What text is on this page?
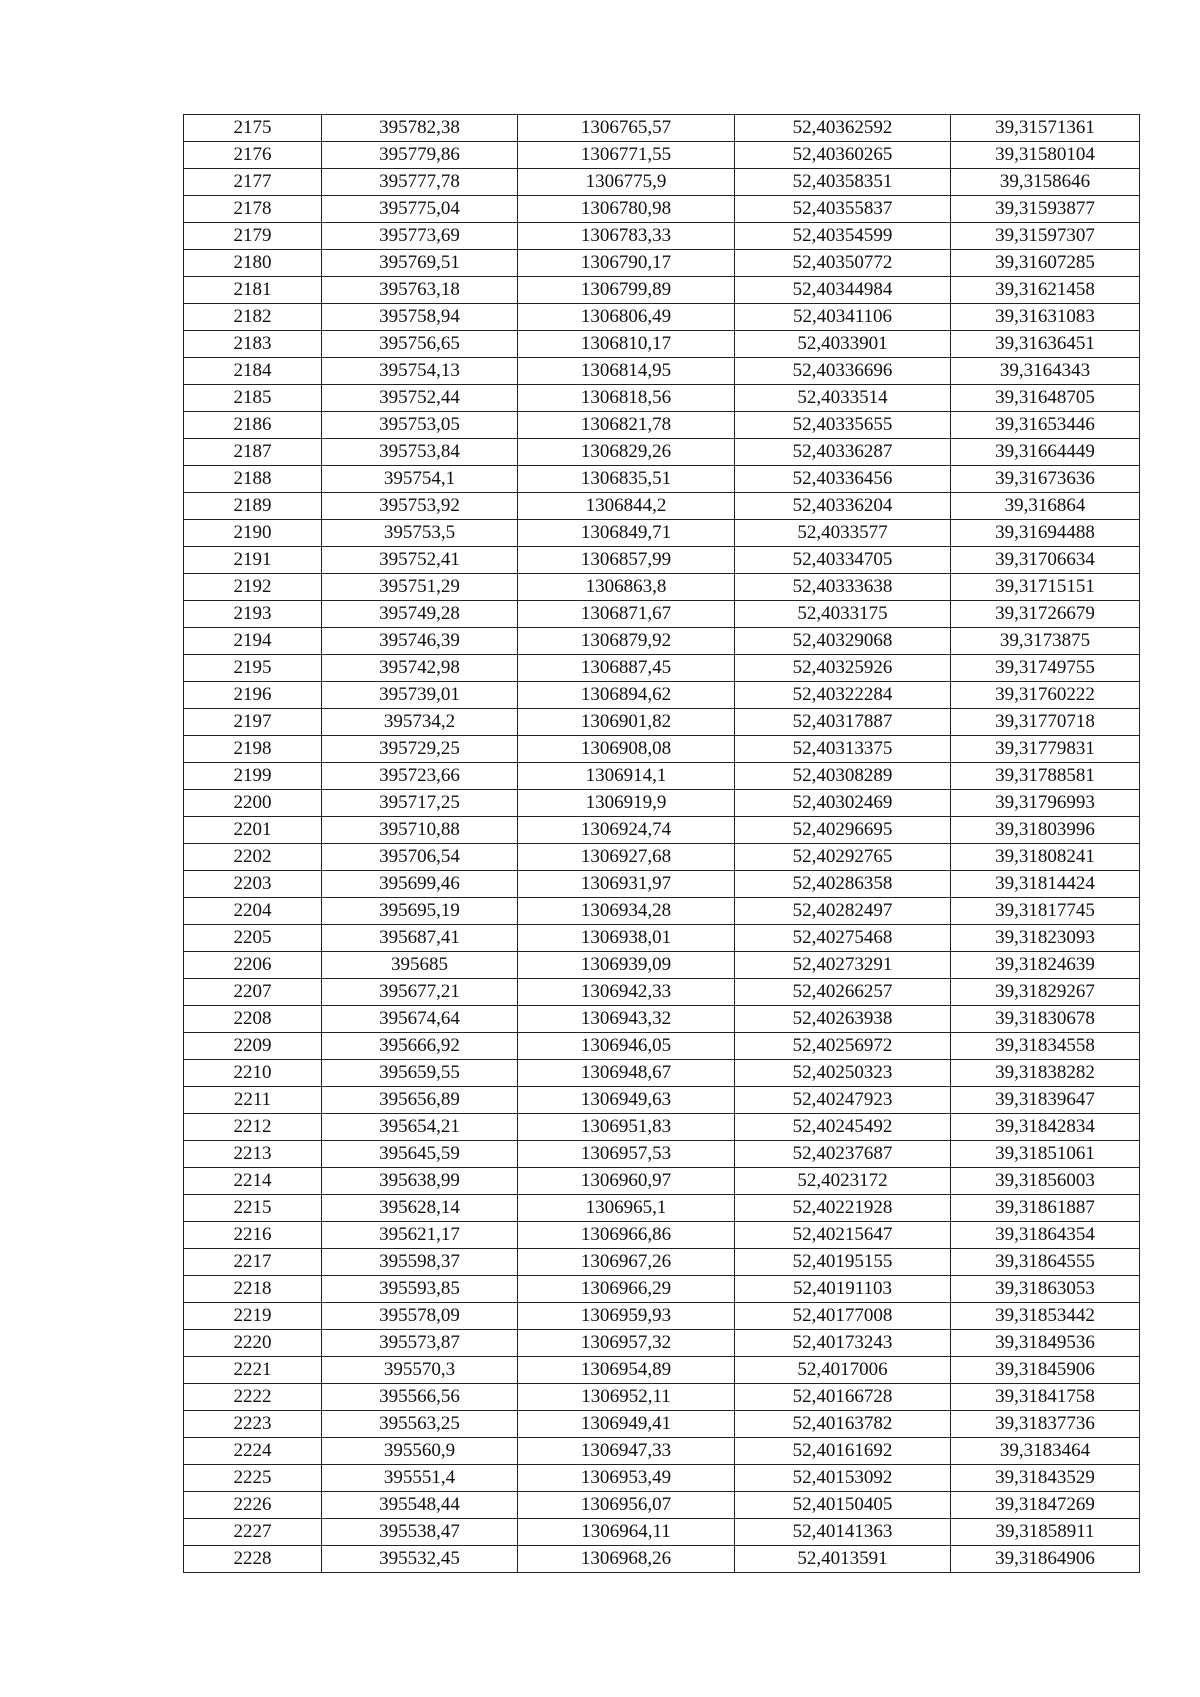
2175	395782,38	1306765,57	52,40362592	39,31571361
2176	395779,86	1306771,55	52,40360265	39,31580104
2177	395777,78	1306775,9	52,40358351	39,3158646
2178	395775,04	1306780,98	52,40355837	39,31593877
2179	395773,69	1306783,33	52,40354599	39,31597307
2180	395769,51	1306790,17	52,40350772	39,31607285
2181	395763,18	1306799,89	52,40344984	39,31621458
2182	395758,94	1306806,49	52,40341106	39,31631083
2183	395756,65	1306810,17	52,4033901	39,31636451
2184	395754,13	1306814,95	52,40336696	39,3164343
2185	395752,44	1306818,56	52,4033514	39,31648705
2186	395753,05	1306821,78	52,40335655	39,31653446
2187	395753,84	1306829,26	52,40336287	39,31664449
2188	395754,1	1306835,51	52,40336456	39,31673636
2189	395753,92	1306844,2	52,40336204	39,316864
2190	395753,5	1306849,71	52,4033577	39,31694488
2191	395752,41	1306857,99	52,40334705	39,31706634
2192	395751,29	1306863,8	52,40333638	39,31715151
2193	395749,28	1306871,67	52,4033175	39,31726679
2194	395746,39	1306879,92	52,40329068	39,3173875
2195	395742,98	1306887,45	52,40325926	39,31749755
2196	395739,01	1306894,62	52,40322284	39,31760222
2197	395734,2	1306901,82	52,40317887	39,31770718
2198	395729,25	1306908,08	52,40313375	39,31779831
2199	395723,66	1306914,1	52,40308289	39,31788581
2200	395717,25	1306919,9	52,40302469	39,31796993
2201	395710,88	1306924,74	52,40296695	39,31803996
2202	395706,54	1306927,68	52,40292765	39,31808241
2203	395699,46	1306931,97	52,40286358	39,31814424
2204	395695,19	1306934,28	52,40282497	39,31817745
2205	395687,41	1306938,01	52,40275468	39,31823093
2206	395685	1306939,09	52,40273291	39,31824639
2207	395677,21	1306942,33	52,40266257	39,31829267
2208	395674,64	1306943,32	52,40263938	39,31830678
2209	395666,92	1306946,05	52,40256972	39,31834558
2210	395659,55	1306948,67	52,40250323	39,31838282
2211	395656,89	1306949,63	52,40247923	39,31839647
2212	395654,21	1306951,83	52,40245492	39,31842834
2213	395645,59	1306957,53	52,40237687	39,31851061
2214	395638,99	1306960,97	52,4023172	39,31856003
2215	395628,14	1306965,1	52,40221928	39,31861887
2216	395621,17	1306966,86	52,40215647	39,31864354
2217	395598,37	1306967,26	52,40195155	39,31864555
2218	395593,85	1306966,29	52,40191103	39,31863053
2219	395578,09	1306959,93	52,40177008	39,31853442
2220	395573,87	1306957,32	52,40173243	39,31849536
2221	395570,3	1306954,89	52,4017006	39,31845906
2222	395566,56	1306952,11	52,40166728	39,31841758
2223	395563,25	1306949,41	52,40163782	39,31837736
2224	395560,9	1306947,33	52,40161692	39,3183464
2225	395551,4	1306953,49	52,40153092	39,31843529
2226	395548,44	1306956,07	52,40150405	39,31847269
2227	395538,47	1306964,11	52,40141363	39,31858911
2228	395532,45	1306968,26	52,4013591	39,31864906
